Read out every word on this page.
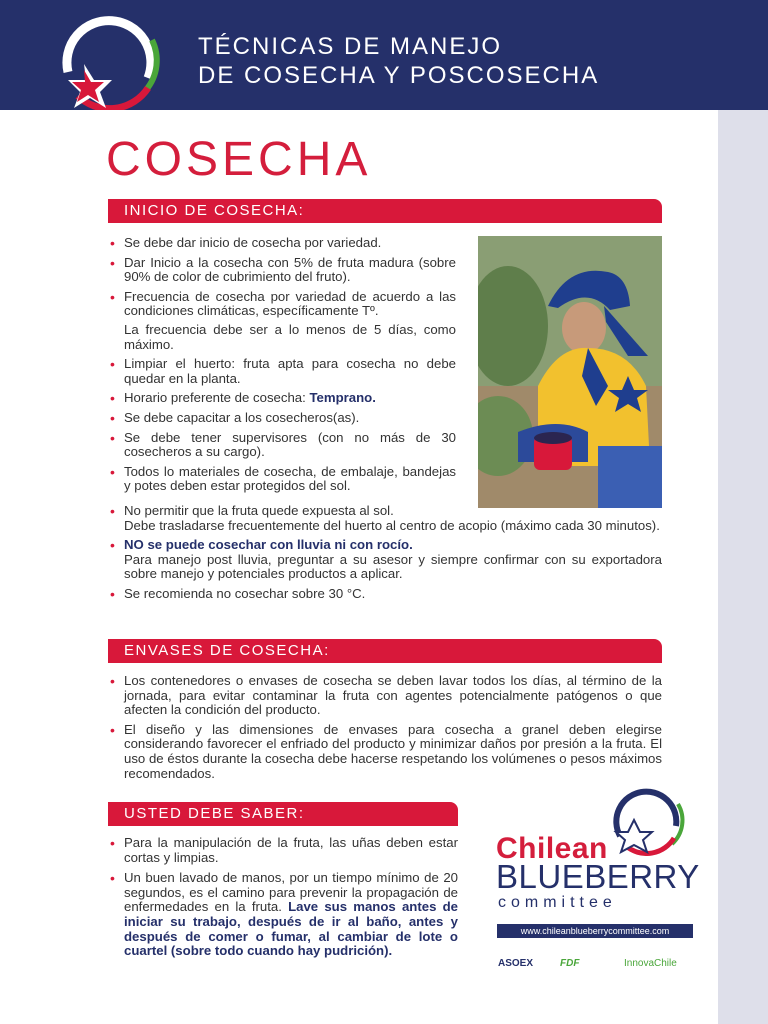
TÉCNICAS DE MANEJO
DE COSECHA Y POSCOSECHA
COSECHA
INICIO DE COSECHA:
• Se debe dar inicio de cosecha por variedad.
• Dar Inicio a la cosecha con 5% de fruta madura (sobre 90% de color de cubrimiento del fruto).
• Frecuencia de cosecha por variedad de acuerdo a las condiciones climáticas, específicamente Tº.
La frecuencia debe ser a lo menos de 5 días, como máximo.
• Limpiar el huerto: fruta apta para cosecha no debe quedar en la planta.
• Horario preferente de cosecha: Temprano.
• Se debe capacitar a los cosecheros(as).
• Se debe tener supervisores (con no más de 30 cosecheros a su cargo).
• Todos lo materiales de cosecha, de embalaje, bandejas y potes deben estar protegidos del sol.
• No permitir que la fruta quede expuesta al sol.
Debe trasladarse frecuentemente del huerto al centro de acopio (máximo cada 30 minutos).
• NO se puede cosechar con lluvia ni con rocío.
Para manejo post lluvia, preguntar a su asesor y siempre confirmar con su exportadora sobre manejo y potenciales productos a aplicar.
• Se recomienda no cosechar sobre 30 °C.
ENVASES DE COSECHA:
• Los contenedores o envases de cosecha se deben lavar todos los días, al término de la jornada, para evitar contaminar la fruta con agentes potencialmente patógenos o que afecten la condición del producto.
• El diseño y las dimensiones de envases para cosecha a granel deben elegirse considerando favorecer el enfriado del producto y minimizar daños por presión a la fruta. El uso de éstos durante la cosecha debe hacerse respetando los volúmenes o pesos máximos recomendados.
USTED DEBE SABER:
• Para la manipulación de la fruta, las uñas deben estar cortas y limpias.
• Un buen lavado de manos, por un tiempo mínimo de 20 segundos, es el camino para prevenir la propagación de enfermedades en la fruta. Lave sus manos antes de iniciar su trabajo, después de ir al baño, antes y después de comer o fumar, al cambiar de lote o cuartel (sobre todo cuando hay pudrición).
Chilean
BLUEBERRY
committee
www.chileanblueberrycommittee.com
ASOEX	FDF	InnovaChile
